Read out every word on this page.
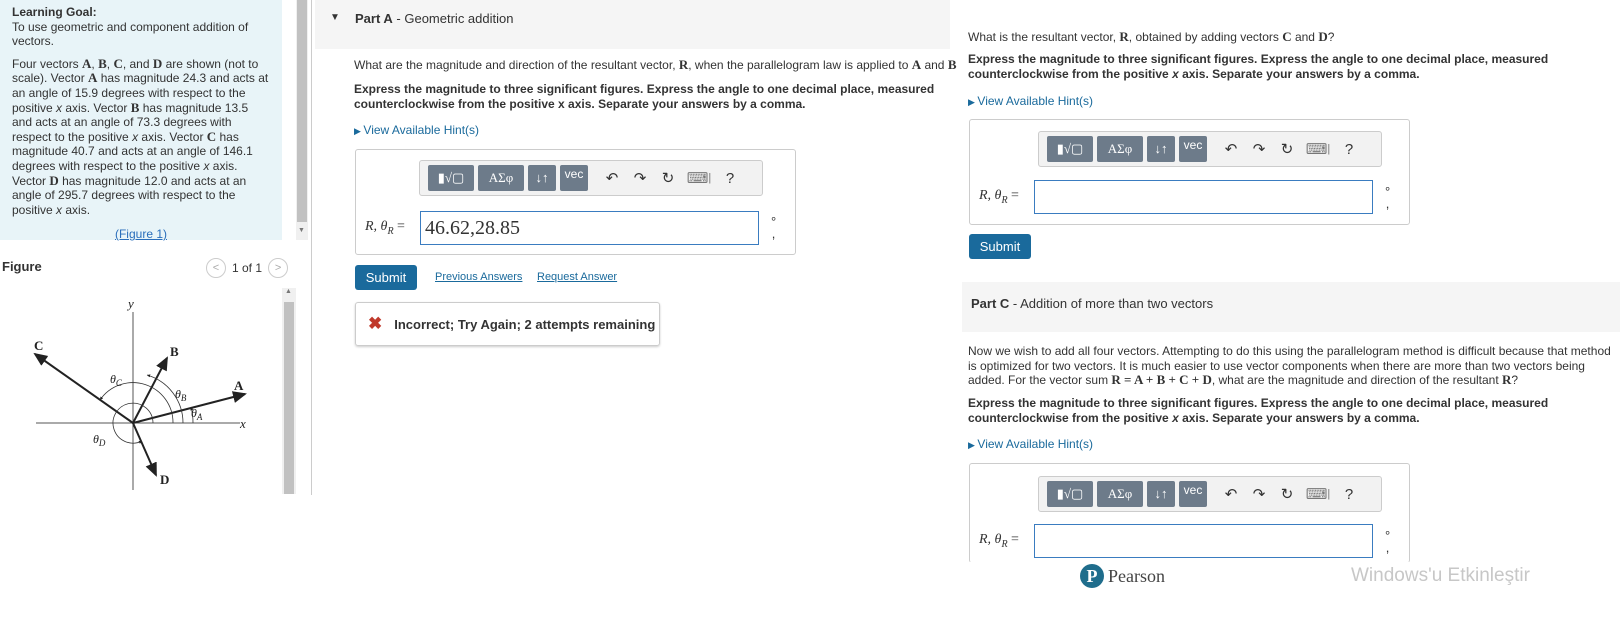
Learning Goal:

To use geometric and component addition of vectors.

Four vectors A, B, C, and D are shown (not to scale). Vector A has magnitude 24.3 and acts at an angle of 15.9 degrees with respect to the positive x axis. Vector B has magnitude 13.5 and acts at an angle of 73.3 degrees with respect to the positive x axis. Vector C has magnitude 40.7 and acts at an angle of 146.1 degrees with respect to the positive x axis. Vector D has magnitude 12.0 and acts at an angle of 295.7 degrees with respect to the positive x axis.

(Figure 1)	▼
Figure	< 1 of 1 >
▲
y
x
A
B
C
D
$\theta_C$
$\theta_B$
$\theta_A$
$\theta_D$
▼ Part A - Geometric addition
What are the magnitude and direction of the resultant vector, R, when the parallelogram law is applied to A and B
Express the magnitude to three significant figures. Express the angle to one decimal place, measured counterclockwise from the positive x axis. Separate your answers by a comma.
▶ View Available Hint(s)
▮√▢	ΑΣφ	↓↑	vec	↶	↷	↻ ⌨ | ?
R, $\theta_R = 46.62,28.85$	°
,
Submit	Previous Answers Request Answer
✖ Incorrect; Try Again; 2 attempts remaining
What is the resultant vector, R, obtained by adding vectors C and D?
Express the magnitude to three significant figures. Express the angle to one decimal place, measured counterclockwise from the positive x axis. Separate your answers by a comma.
▶ View Available Hint(s)
▮√▢	ΑΣφ	↓↑	vec	↶	↷	↻ ⌨ | ?
R, $\theta_R$ =	°
,
Submit
Part C - Addition of more than two vectors
Now we wish to add all four vectors. Attempting to do this using the parallelogram method is difficult because that method is optimized for two vectors. It is much easier to use vector components when there are more than two vectors being added. For the vector sum R = A + B + C + D, what are the magnitude and direction of the resultant R?
Express the magnitude to three significant figures. Express the angle to one decimal place, measured counterclockwise from the positive x axis. Separate your answers by a comma.
▶ View Available Hint(s)
▮√▢	ΑΣφ	↓↑	vec	↶	↷	↻ ⌨ | ?
R, $\theta_R$ =	°
,
P Pearson	Windows'u Etkinleştir
